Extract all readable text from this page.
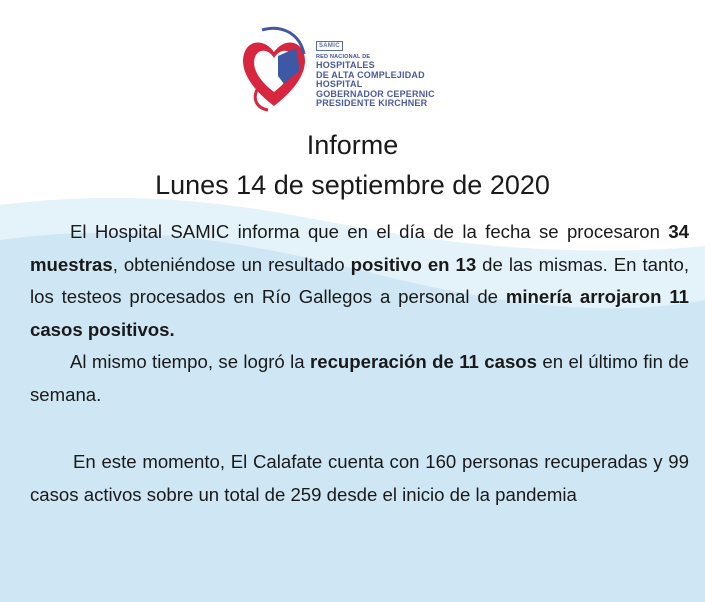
SAMIC
RED NACIONAL DE
HOSPITALES
DE ALTA COMPLEJIDAD
HOSPITAL
GOBERNADOR CEPERNIC
PRESIDENTE KIRCHNER
Informe
Lunes 14 de septiembre de 2020

El Hospital SAMIC informa que en el día de la fecha se procesaron 34 muestras, obteniéndose un resultado positivo en 13 de las mismas. En tanto, los testeos procesados en Río Gallegos a personal de minería arrojaron 11 casos positivos.

Al mismo tiempo, se logró la recuperación de 11 casos en el último fin de semana.

En este momento, El Calafate cuenta con 160 personas recuperadas y 99 casos activos sobre un total de 259 desde el inicio de la pandemia
